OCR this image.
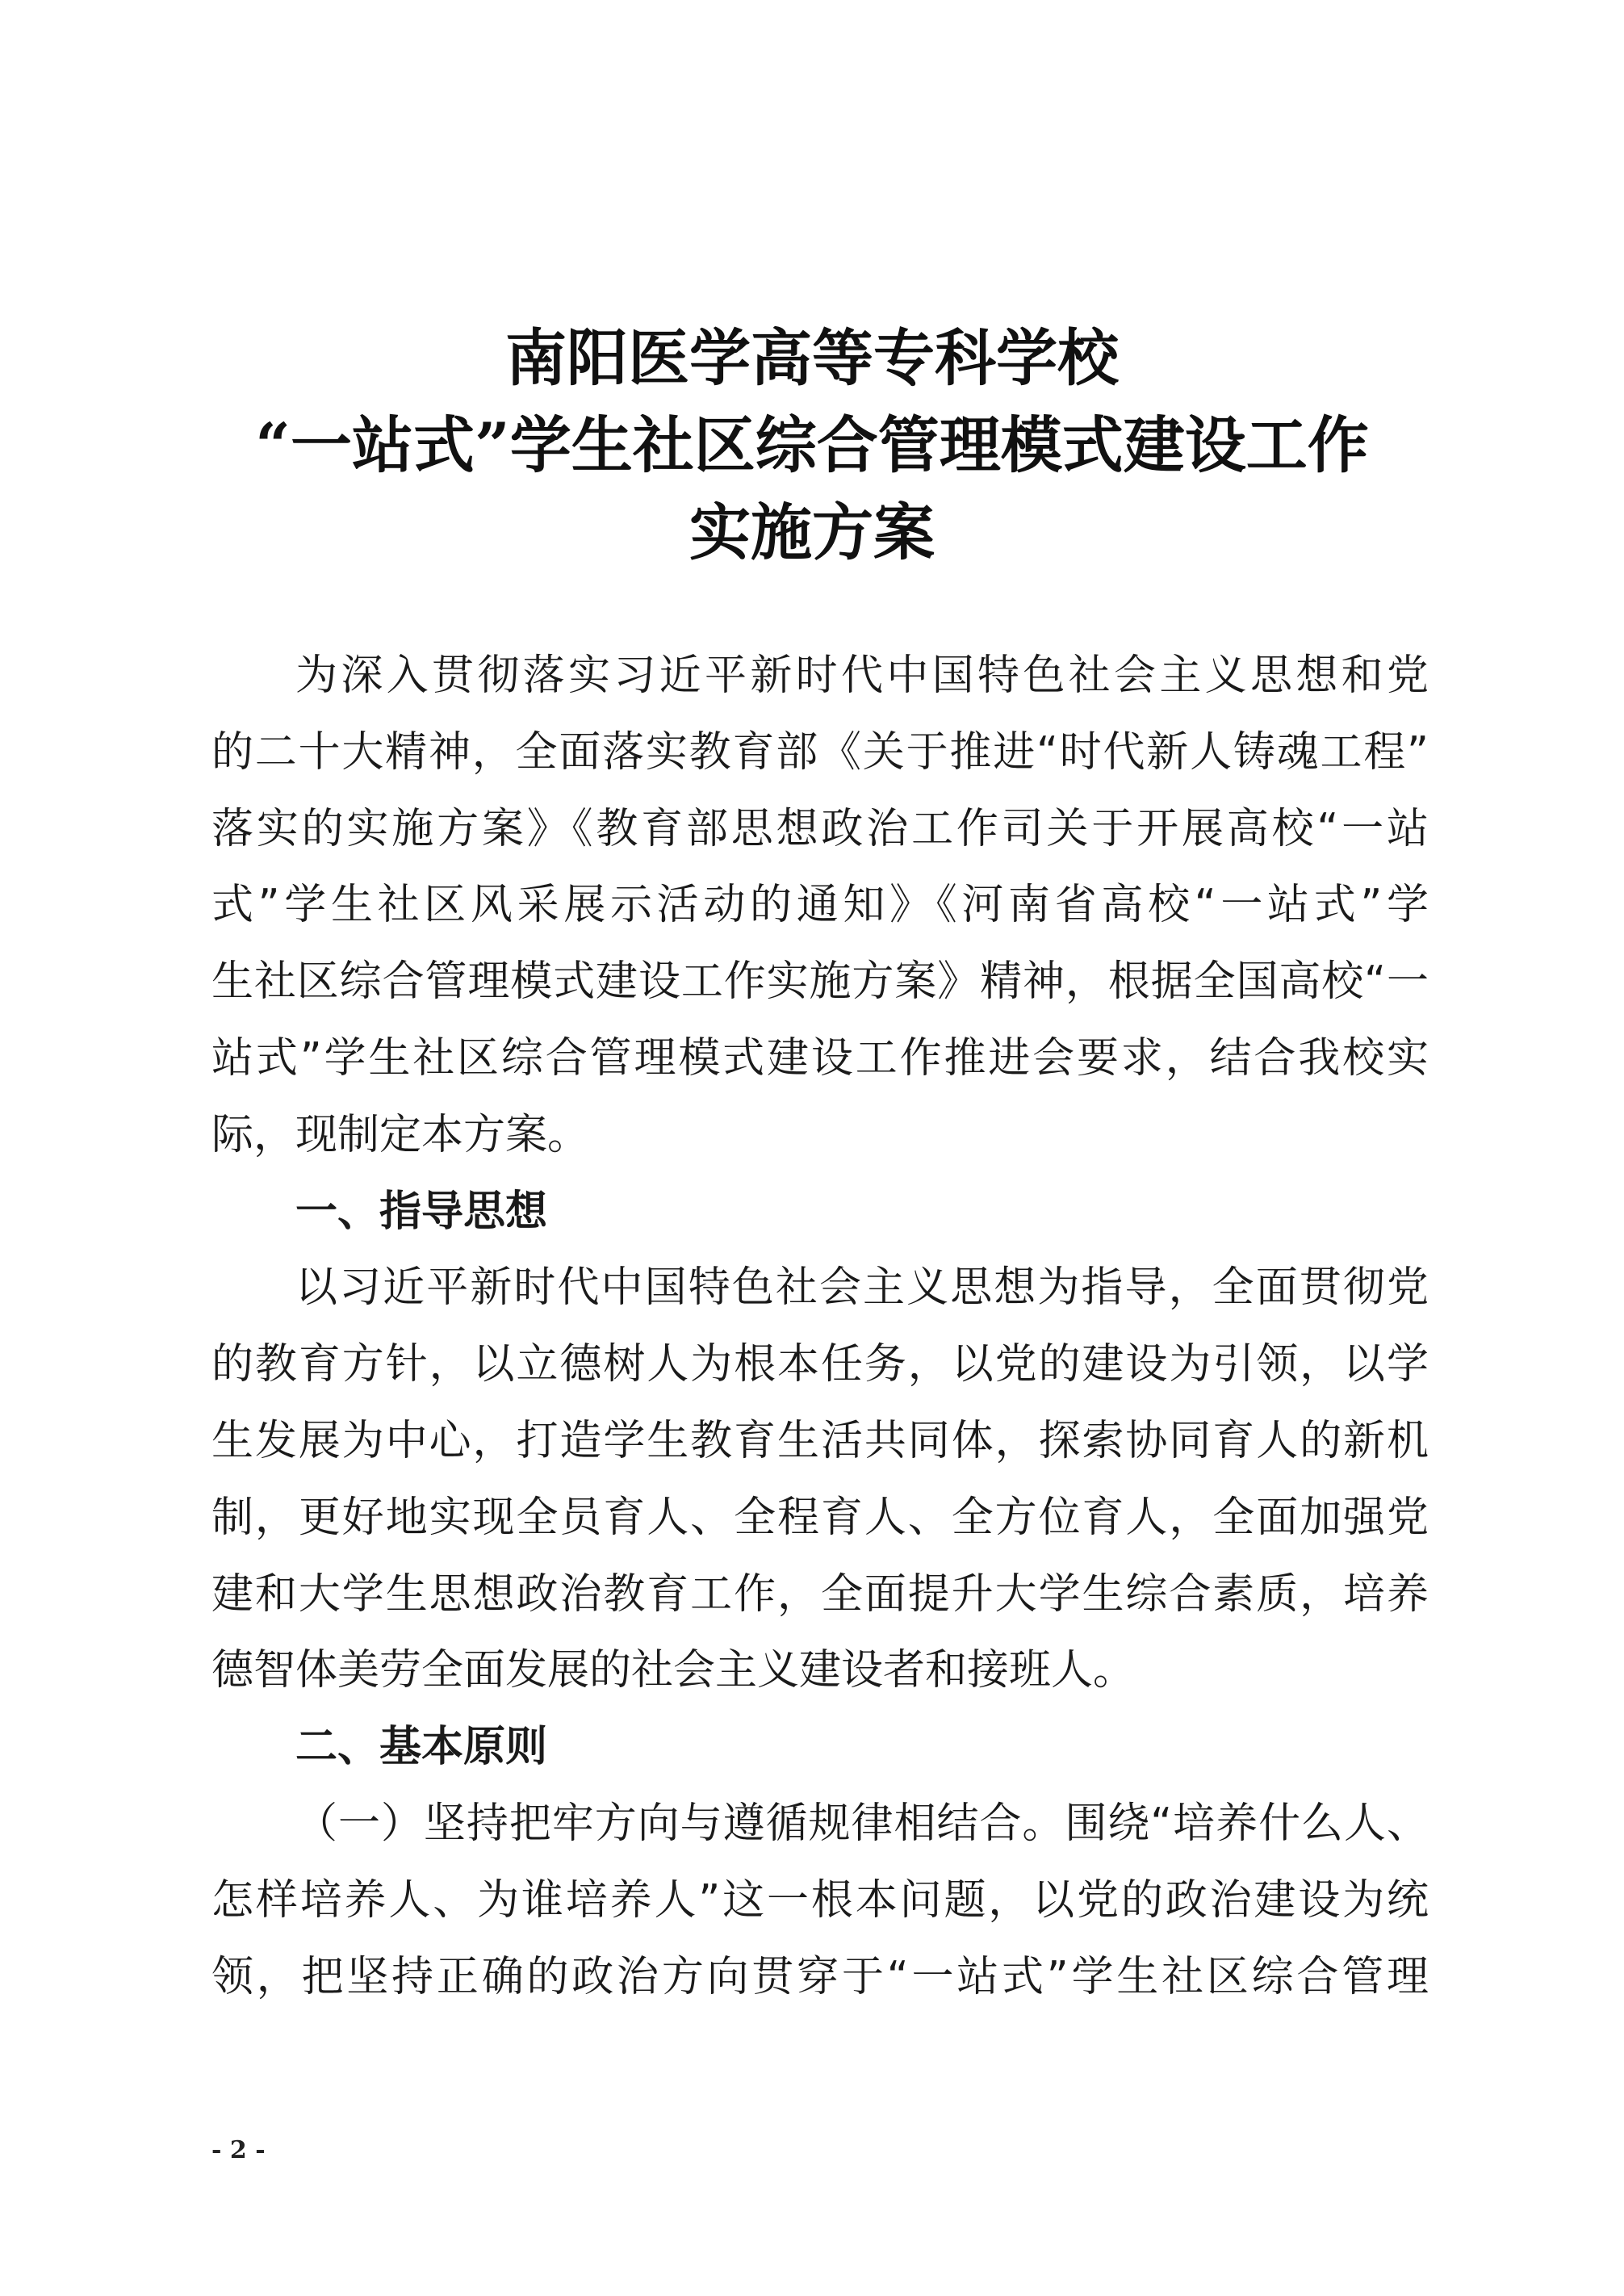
南阳医学高等专科学校
“一站式”学生社区综合管理模式建设工作
实施方案
为深入贯彻落实习近平新时代中国特色社会主义思想和党
的二十大精神，全面落实教育部《关于推进“时代新人铸魂工程”
落实的实施方案》《教育部思想政治工作司关于开展高校“一站
式”学生社区风采展示活动的通知》《河南省高校“一站式”学
生社区综合管理模式建设工作实施方案》精神，根据全国高校“一
站式”学生社区综合管理模式建设工作推进会要求，结合我校实
际，现制定本方案。
一、指导思想
以习近平新时代中国特色社会主义思想为指导，全面贯彻党
的教育方针，以立德树人为根本任务，以党的建设为引领，以学
生发展为中心，打造学生教育生活共同体，探索协同育人的新机
制，更好地实现全员育人、全程育人、全方位育人，全面加强党
建和大学生思想政治教育工作，全面提升大学生综合素质，培养
德智体美劳全面发展的社会主义建设者和接班人。
二、基本原则
（一）坚持把牢方向与遵循规律相结合。围绕“培养什么人、
怎样培养人、为谁培养人”这一根本问题，以党的政治建设为统
领，把坚持正确的政治方向贯穿于“一站式”学生社区综合管理
- 2 -
